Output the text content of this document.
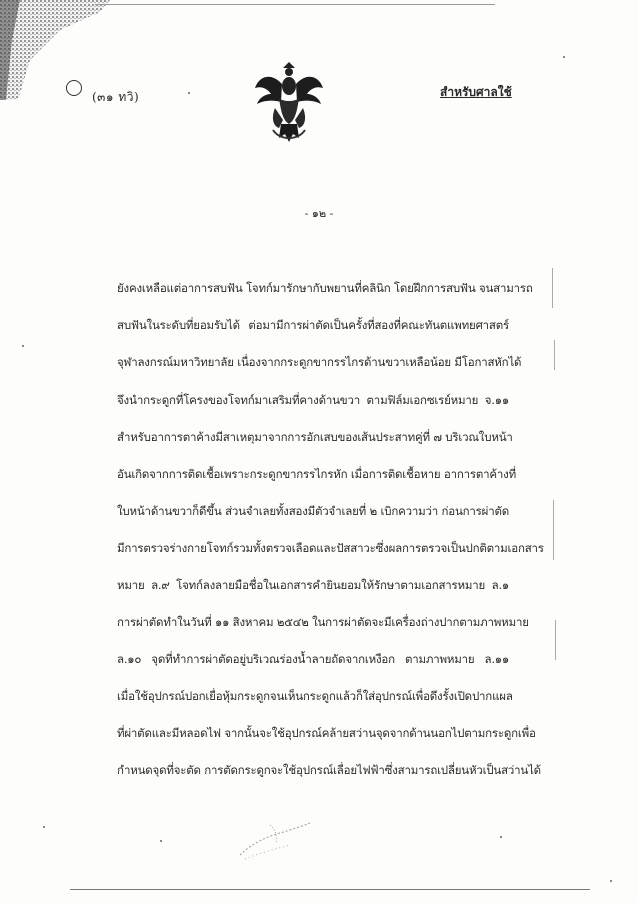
(๓๑ ทวิ)	สำหรับศาลใช้
- ๑๒ -
ยังคงเหลือแต่อาการสบฟัน โจทก์มารักษากับพยานที่คลินิก โดยฝึกการสบฟัน จนสามารถ
สบฟันในระดับที่ยอมรับได้ ต่อมามีการผ่าตัดเป็นครั้งที่สองที่คณะทันตแพทยศาสตร์
จุฬาลงกรณ์มหาวิทยาลัย เนื่องจากกระดูกขากรรไกรด้านขวาเหลือน้อย มีโอกาสหักได้
จึงนำกระดูกที่โครงของโจทก์มาเสริมที่คางด้านขวา ตามฟิล์มเอกซเรย์หมาย จ.๑๑
สำหรับอาการตาค้างมีสาเหตุมาจากการอักเสบของเส้นประสาทคู่ที่ ๗ บริเวณใบหน้า
อันเกิดจากการติดเชื้อเพราะกระดูกขากรรไกรหัก เมื่อการติดเชื้อหาย อาการตาค้างที่
ใบหน้าด้านขวาก็ดีขึ้น ส่วนจำเลยทั้งสองมีตัวจำเลยที่ ๒ เบิกความว่า ก่อนการผ่าตัด
มีการตรวจร่างกายโจทก์รวมทั้งตรวจเลือดและปัสสาวะซึ่งผลการตรวจเป็นปกติตามเอกสาร
หมาย ล.๙ โจทก์ลงลายมือชื่อในเอกสารคำยินยอมให้รักษาตามเอกสารหมาย ล.๑
การผ่าตัดทำในวันที่ ๑๑ สิงหาคม ๒๕๔๒ ในการผ่าตัดจะมีเครื่องถ่างปากตามภาพหมาย
ล.๑๐ จุดที่ทำการผ่าตัดอยู่บริเวณร่องน้ำลายถัดจากเหงือก ตามภาพหมาย ล.๑๑
เมื่อใช้อุปกรณ์ปอกเยื่อหุ้มกระดูกจนเห็นกระดูกแล้วก็ใส่อุปกรณ์เพื่อดึงรั้งเปิดปากแผล
ที่ผ่าตัดและมีหลอดไฟ จากนั้นจะใช้อุปกรณ์คล้ายสว่านจุดจากด้านนอกไปตามกระดูกเพื่อ
กำหนดจุดที่จะตัด การตัดกระดูกจะใช้อุปกรณ์เลื่อยไฟฟ้าซึ่งสามารถเปลี่ยนหัวเป็นสว่านได้
